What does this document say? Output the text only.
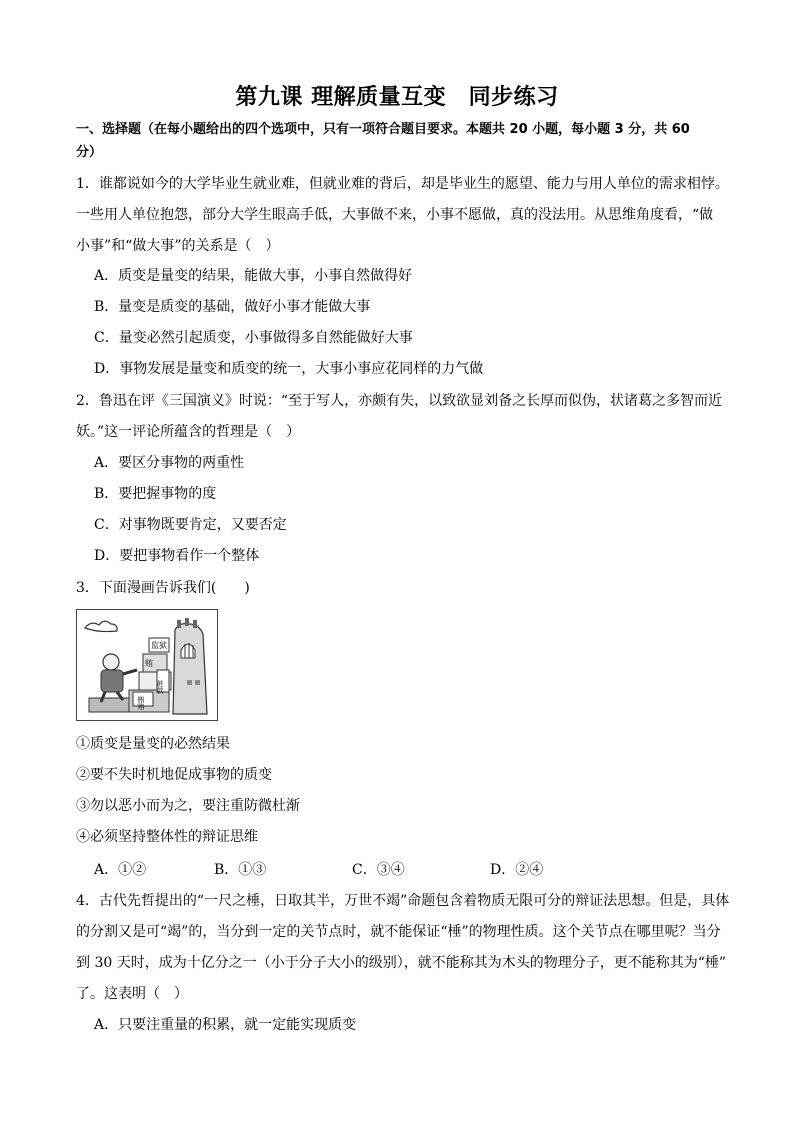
第九课 理解质量互变　同步练习
一、选择题（在每小题给出的四个选项中，只有一项符合题目要求。本题共 20 小题，每小题 3 分，共 60
分）
1．谁都说如今的大学毕业生就业难，但就业难的背后，却是毕业生的愿望、能力与用人单位的需求相悖。
一些用人单位抱怨，部分大学生眼高手低，大事做不来，小事不愿做，真的没法用。从思维角度看，“做
小事”和“做大事”的关系是（　）
A．质变是量变的结果，能做大事，小事自然做得好
B．量变是质变的基础，做好小事才能做大事
C．量变必然引起质变，小事做得多自然能做好大事
D．事物发展是量变和质变的统一，大事小事应花同样的力气做
2．鲁迅在评《三国演义》时说：“至于写人，亦颇有失，以致欲显刘备之长厚而似伪，状诸葛之多智而近
妖。”这一评论所蕴含的哲理是（　）
A．要区分事物的两重性
B．要把握事物的度
C．对事物既要肯定，又要否定
D．要把事物看作一个整体
3．下面漫画告诉我们(　　)
监狱
贿
赃款
贿赂
①质变是量变的必然结果
②要不失时机地促成事物的质变
③勿以恶小而为之，要注重防微杜渐
④必须坚持整体性的辩证思维
A．①②	B．①③	C．③④	D．②④
4．古代先哲提出的“一尺之棰，日取其半，万世不竭”命题包含着物质无限可分的辩证法思想。但是，具体
的分割又是可“竭”的，当分到一定的关节点时，就不能保证“棰”的物理性质。这个关节点在哪里呢？当分
到 30 天时，成为十亿分之一（小于分子大小的级别），就不能称其为木头的物理分子，更不能称其为“棰”
了。这表明（　）
A．只要注重量的积累，就一定能实现质变
